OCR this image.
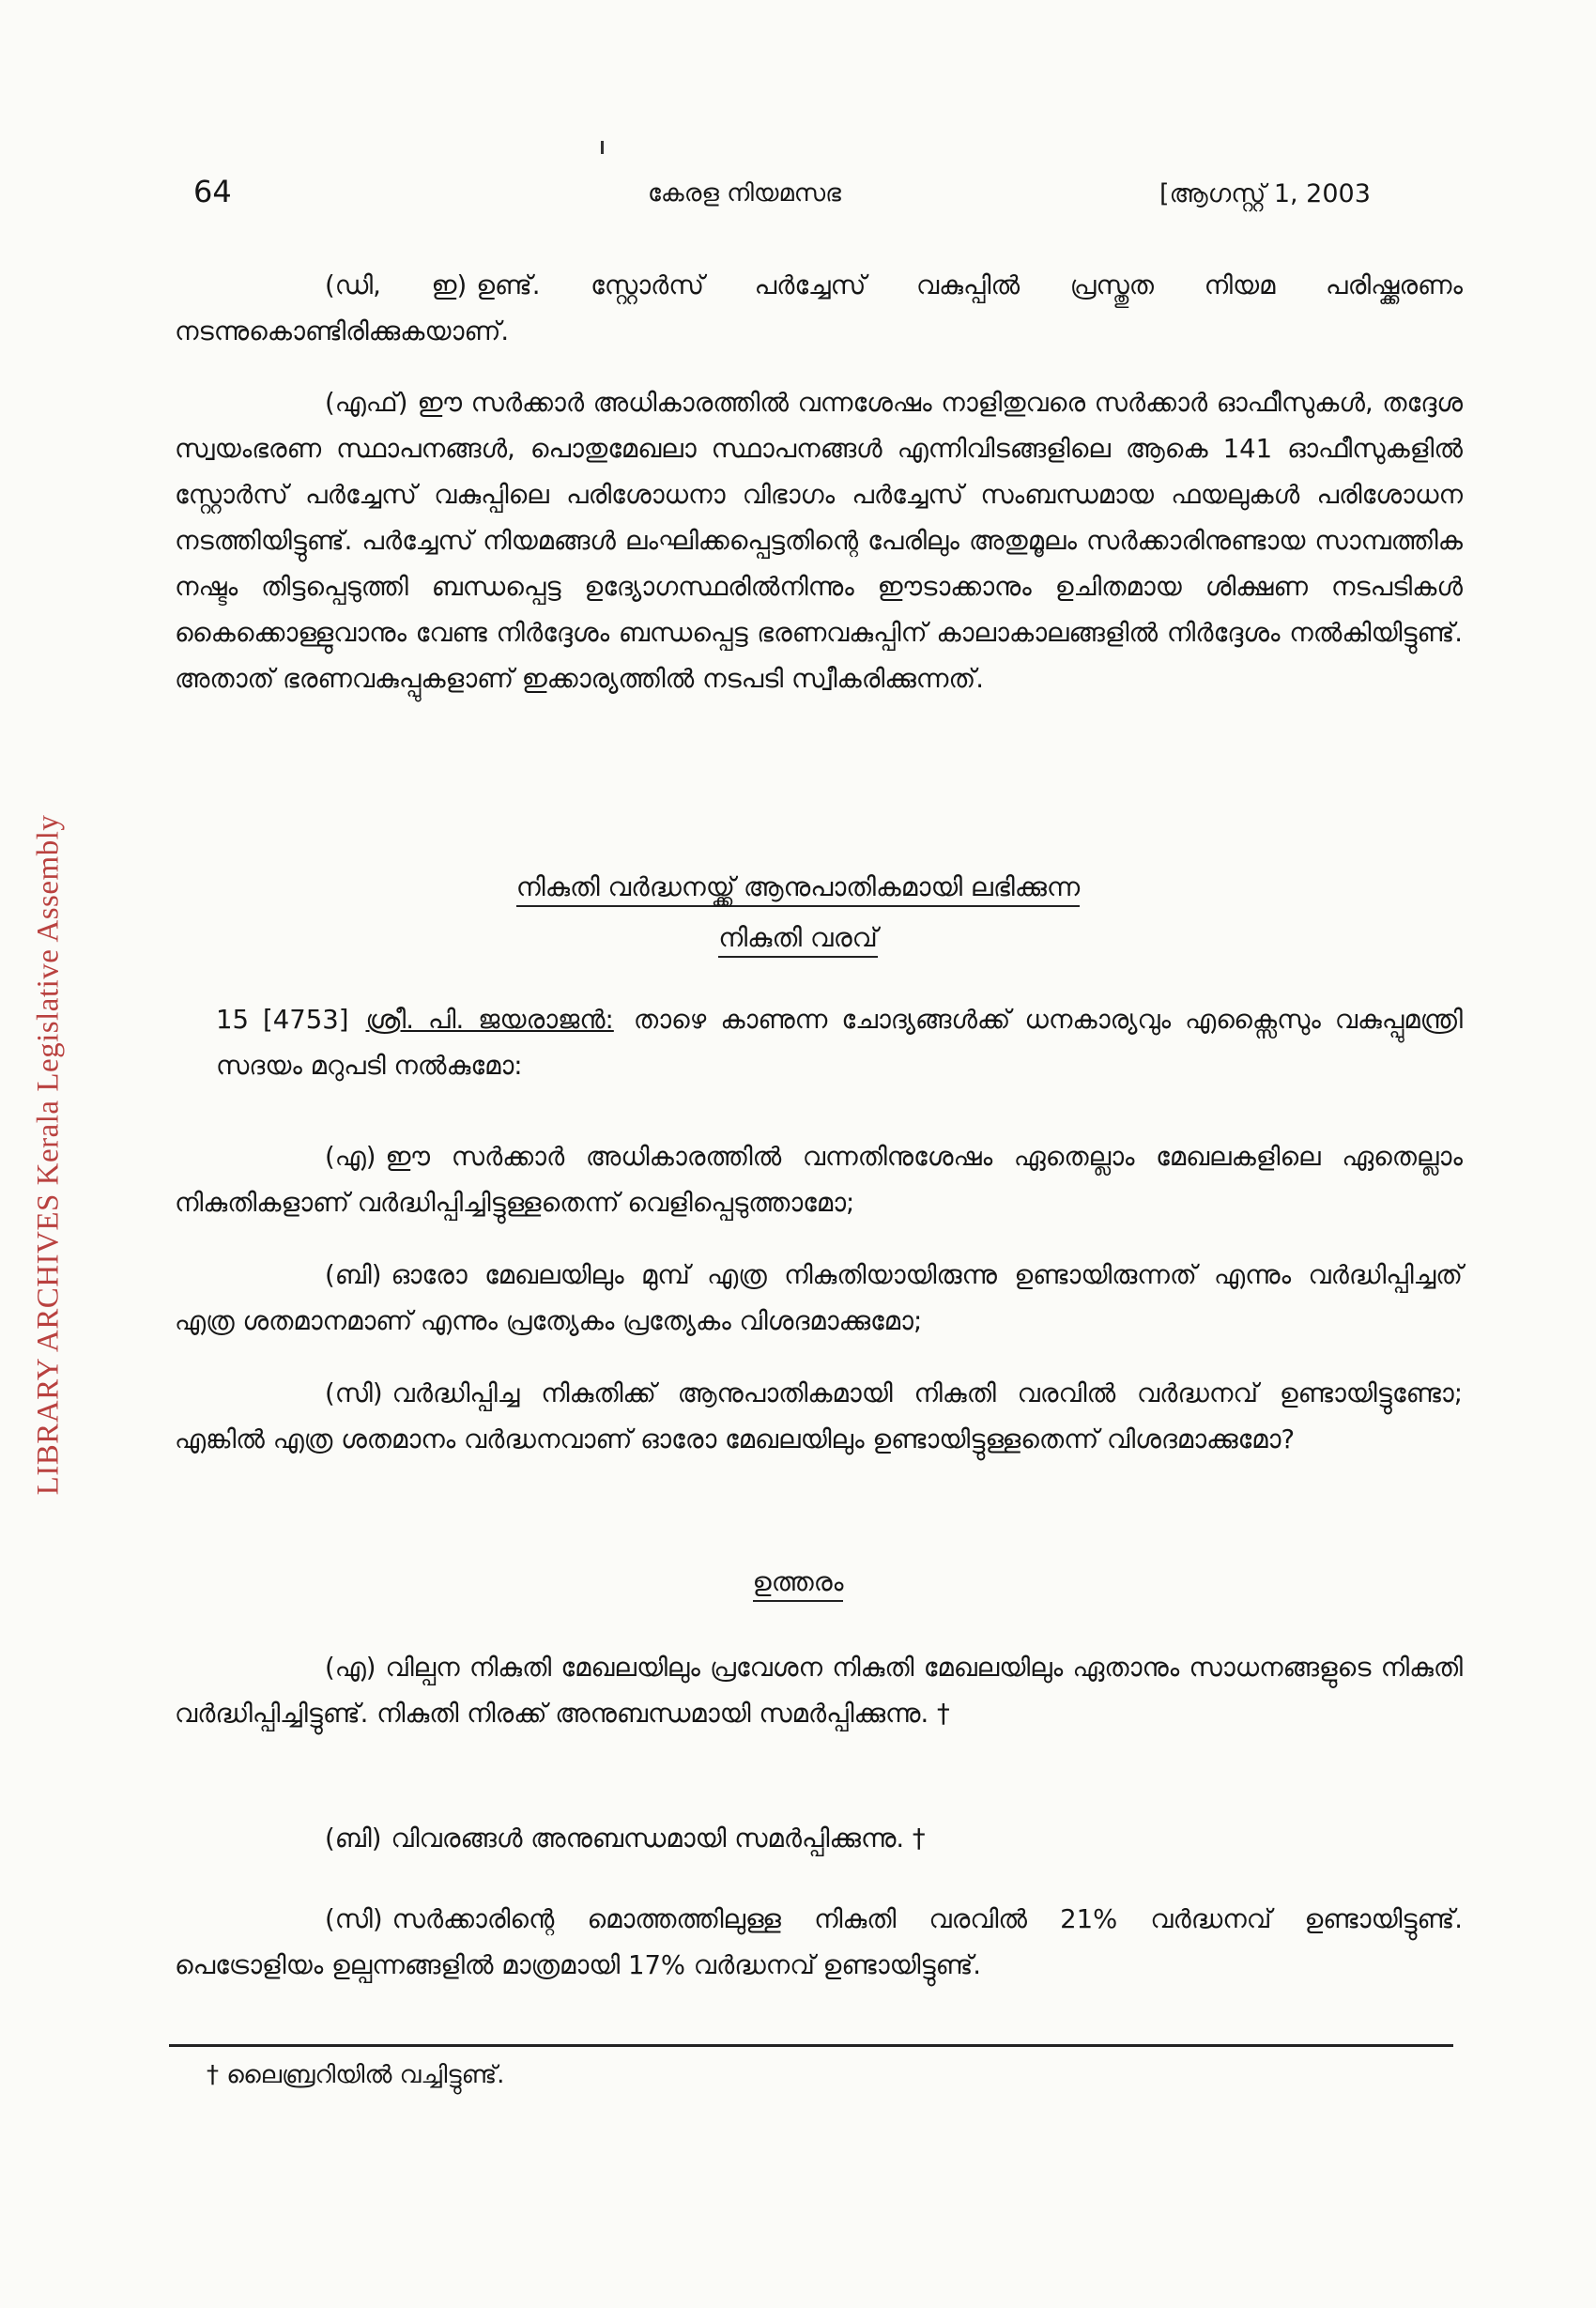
LIBRARY ARCHIVES Kerala Legislative Assembly
64	കേരള നിയമസഭ	[ആഗസ്റ്റ് 1, 2003

(ഡി, ഇ) ഉണ്ട്. സ്റ്റോർസ് പർച്ചേസ് വകുപ്പിൽ പ്രസ്തുത നിയമ പരിഷ്ക്കരണം നടന്നുകൊണ്ടിരിക്കുകയാണ്.

(എഫ്) ഈ സർക്കാർ അധികാരത്തിൽ വന്നശേഷം നാളിതുവരെ സർക്കാർ ഓഫീസുകൾ, തദ്ദേശ സ്വയംഭരണ സ്ഥാപനങ്ങൾ, പൊതുമേഖലാ സ്ഥാപനങ്ങൾ എന്നിവിടങ്ങളിലെ ആകെ 141 ഓഫീസുകളിൽ സ്റ്റോർസ് പർച്ചേസ് വകുപ്പിലെ പരിശോധനാ വിഭാഗം പർച്ചേസ് സംബന്ധമായ ഫയലുകൾ പരിശോധന നടത്തിയിട്ടുണ്ട്. പർച്ചേസ് നിയമങ്ങൾ ലംഘിക്കപ്പെട്ടതിന്റെ പേരിലും അതുമൂലം സർക്കാരിനുണ്ടായ സാമ്പത്തിക നഷ്ടം തിട്ടപ്പെടുത്തി ബന്ധപ്പെട്ട ഉദ്യോഗസ്ഥരിൽനിന്നും ഈടാക്കാനും ഉചിതമായ ശിക്ഷണ നടപടികൾ കൈക്കൊള്ളുവാനും വേണ്ട നിർദ്ദേശം ബന്ധപ്പെട്ട ഭരണവകുപ്പിന് കാലാകാലങ്ങളിൽ നിർദ്ദേശം നൽകിയിട്ടുണ്ട്. അതാത് ഭരണവകുപ്പുകളാണ് ഇക്കാര്യത്തിൽ നടപടി സ്വീകരിക്കുന്നത്.

നികുതി വർദ്ധനയ്ക്ക് ആനുപാതികമായി ലഭിക്കുന്ന

നികുതി വരവ്

15 [4753] ശ്രീ. പി. ജയരാജൻ: താഴെ കാണുന്ന ചോദ്യങ്ങൾക്ക് ധനകാര്യവും എക്സൈസും വകുപ്പുമന്ത്രി സദയം മറുപടി നൽകുമോ:

(എ) ഈ സർക്കാർ അധികാരത്തിൽ വന്നതിനുശേഷം ഏതെല്ലാം മേഖലകളിലെ ഏതെല്ലാം നികുതികളാണ് വർദ്ധിപ്പിച്ചിട്ടുള്ളതെന്ന് വെളിപ്പെടുത്താമോ;

(ബി) ഓരോ മേഖലയിലും മുമ്പ് എത്ര നികുതിയായിരുന്നു ഉണ്ടായിരുന്നത് എന്നും വർദ്ധിപ്പിച്ചത് എത്ര ശതമാനമാണ് എന്നും പ്രത്യേകം പ്രത്യേകം വിശദമാക്കുമോ;

(സി) വർദ്ധിപ്പിച്ച നികുതിക്ക് ആനുപാതികമായി നികുതി വരവിൽ വർദ്ധനവ് ഉണ്ടായിട്ടുണ്ടോ; എങ്കിൽ എത്ര ശതമാനം വർദ്ധനവാണ് ഓരോ മേഖലയിലും ഉണ്ടായിട്ടുള്ളതെന്ന് വിശദമാക്കുമോ?

ഉത്തരം

(എ) വില്പന നികുതി മേഖലയിലും പ്രവേശന നികുതി മേഖലയിലും ഏതാനും സാധനങ്ങളുടെ നികുതി വർദ്ധിപ്പിച്ചിട്ടുണ്ട്. നികുതി നിരക്ക് അനുബന്ധമായി സമർപ്പിക്കുന്നു. †

(ബി) വിവരങ്ങൾ അനുബന്ധമായി സമർപ്പിക്കുന്നു. †

(സി) സർക്കാരിന്റെ മൊത്തത്തിലുള്ള നികുതി വരവിൽ 21% വർദ്ധനവ് ഉണ്ടായിട്ടുണ്ട്. പെട്രോളിയം ഉല്പന്നങ്ങളിൽ മാത്രമായി 17% വർദ്ധനവ് ഉണ്ടായിട്ടുണ്ട്.

† ലൈബ്രറിയിൽ വച്ചിട്ടുണ്ട്.
